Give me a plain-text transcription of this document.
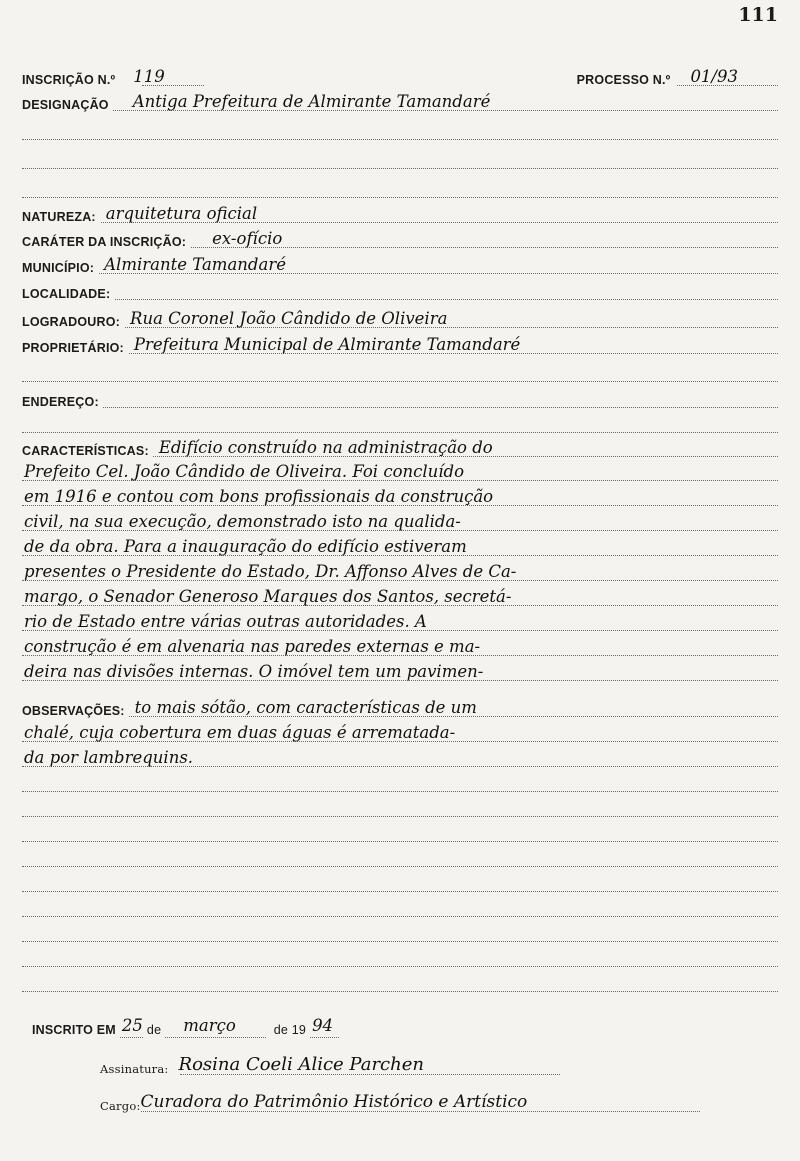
111
INSCRIÇÃO N.º	119	PROCESSO N.º	01/93
DESIGNAÇÃO	Antiga Prefeitura de Almirante Tamandaré
NATUREZA: arquitetura oficial
CARÁTER DA INSCRIÇÃO:	ex-ofício
MUNICÍPIO: Almirante Tamandaré
LOCALIDADE:
LOGRADOURO: Rua Coronel João Cândido de Oliveira
PROPRIETÁRIO: Prefeitura Municipal de Almirante Tamandaré
ENDEREÇO:
CARACTERÍSTICAS: Edifício construído na administração do
Prefeito Cel. João Cândido de Oliveira. Foi concluído
em 1916 e contou com bons profissionais da construção
civil, na sua execução, demonstrado isto na qualida-
de da obra. Para a inauguração do edifício estiveram
presentes o Presidente do Estado, Dr. Affonso Alves de Ca-
margo, o Senador Generoso Marques dos Santos, secretá-
rio de Estado entre várias outras autoridades. A
construção é em alvenaria nas paredes externas e ma-
deira nas divisões internas. O imóvel tem um pavimen-
OBSERVAÇÕES: to mais sótão, com características de um
chalé, cuja cobertura em duas águas é arrematada-
da por lambrequins.
INSCRITO EM 25 de	março	de 19 94
Assinatura: Rosina Coeli Alice Parchen
Cargo: Curadora do Patrimônio Histórico e Artístico
